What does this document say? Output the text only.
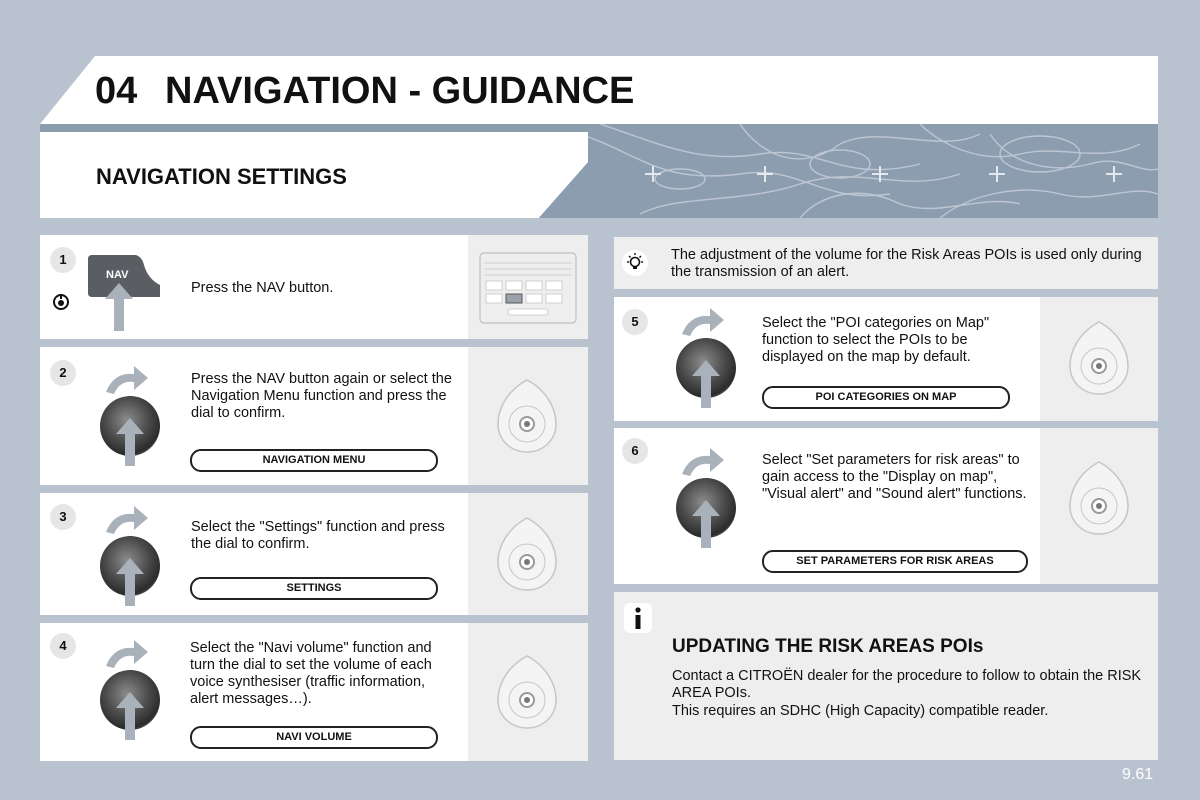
04 NAVIGATION - GUIDANCE
NAVIGATION SETTINGS
1
NAV
Press the NAV button.
2	Press the NAV button again or select the Navigation Menu function and press the dial to confirm.
NAVIGATION MENU
3
Select the "Settings" function and press the dial to confirm.
SETTINGS
4	Select the "Navi volume" function and turn the dial to set the volume of each voice synthesiser (traffic information, alert messages…).
NAVI VOLUME
The adjustment of the volume for the Risk Areas POIs is used only during the transmission of an alert.
5	Select the "POI categories on Map" function to select the POIs to be displayed on the map by default.
POI CATEGORIES ON MAP
6
Select "Set parameters for risk areas" to gain access to the "Display on map", "Visual alert" and "Sound alert" functions.
SET PARAMETERS FOR RISK AREAS
UPDATING THE RISK AREAS POIs
Contact a CITROËN dealer for the procedure to follow to obtain the RISK AREA POIs.
This requires an SDHC (High Capacity) compatible reader.
9.61
